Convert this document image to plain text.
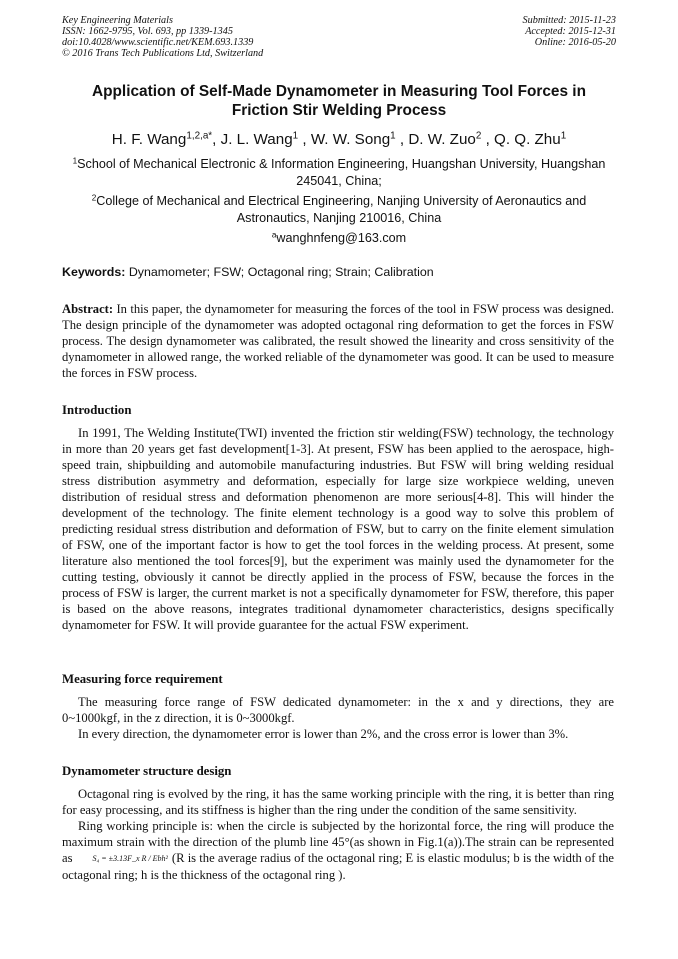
Key Engineering Materials
ISSN: 1662-9795, Vol. 693, pp 1339-1345
doi:10.4028/www.scientific.net/KEM.693.1339
© 2016 Trans Tech Publications Ltd, Switzerland
Submitted: 2015-11-23
Accepted: 2015-12-31
Online: 2016-05-20
Application of Self-Made Dynamometer in Measuring Tool Forces in
Friction Stir Welding Process
H. F. Wang$^{1,2,a*}$, J. L. Wang$^1$ , W. W. Song$^1$ , D. W. Zuo$^2$ , Q. Q. Zhu$^1$
$^1$School of Mechanical Electronic & Information Engineering, Huangshan University, Huangshan
245041, China;
$^2$College of Mechanical and Electrical Engineering, Nanjing University of Aeronautics and
Astronautics, Nanjing 210016, China
$^a$wanghnfeng@163.com
Keywords: Dynamometer; FSW; Octagonal ring; Strain; Calibration

Abstract: In this paper, the dynamometer for measuring the forces of the tool in FSW process was designed. The design principle of the dynamometer was adopted octagonal ring deformation to get the forces in FSW process. The design dynamometer was calibrated, the result showed the linearity and cross sensitivity of the dynamometer in allowed range, the worked reliable of the dynamometer was good. It can be used to measure the forces in FSW process.

Introduction

In 1991, The Welding Institute(TWI) invented the friction stir welding(FSW) technology, the technology in more than 20 years get fast development[1-3]. At present, FSW has been applied to the aerospace, high-speed train, shipbuilding and automobile manufacturing industries. But FSW will bring welding residual stress distribution asymmetry and deformation, especially for large size workpiece welding, uneven distribution of residual stress and deformation phenomenon are more serious[4-8]. This will hinder the development of the technology. The finite element technology is a good way to solve this problem of predicting residual stress distribution and deformation of FSW, but to carry on the finite element simulation of FSW, one of the important factor is how to get the tool forces in the welding process. At present, some literature also mentioned the tool forces[9], but the experiment was mainly used the dynamometer for the cutting testing, obviously it cannot be directly applied in the process of FSW, because the forces in the process of FSW is larger, the current market is not a specifically dynamometer for FSW, therefore, this paper is based on the above reasons, integrates traditional dynamometer characteristics, designs specifically dynamometer for FSW. It will provide guarantee for the actual FSW experiment.

Measuring force requirement

The measuring force range of FSW dedicated dynamometer: in the x and y directions, they are 0~1000kgf, in the z direction, it is 0~3000kgf.

In every direction, the dynamometer error is lower than 2%, and the cross error is lower than 3%.

Dynamometer structure design

Octagonal ring is evolved by the ring, it has the same working principle with the ring, it is better than ring for easy processing, and its stiffness is higher than the ring under the condition of the same sensitivity.

Ring working principle is: when the circle is subjected by the horizontal force, the ring will produce the maximum strain with the direction of the plumb line 45°(as shown in Fig.1(a)).The strain can be represented as	S₄ = ±3.13F_x R / Ebh² (R is the average radius of the octagonal ring; E is elastic modulus; b is the width of the octagonal ring; h is the thickness of the octagonal ring ).
